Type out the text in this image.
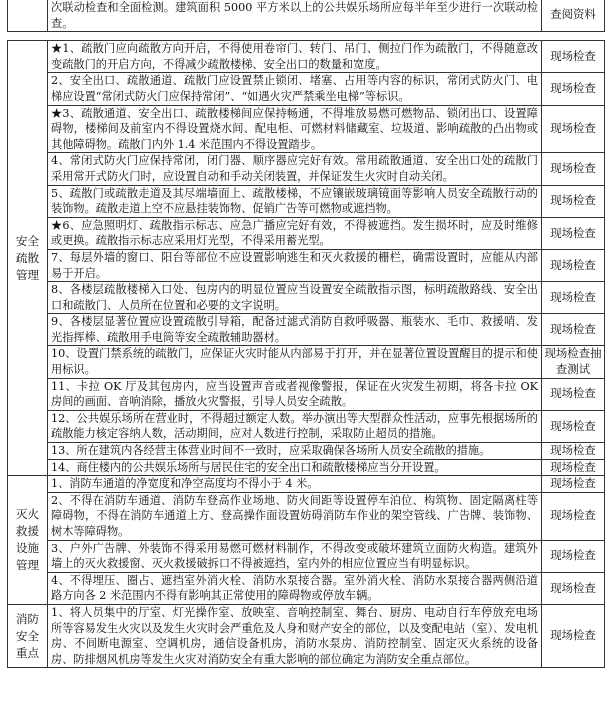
	次联动检查和全面检测。建筑面积 5000 平方米以上的公共娱乐场所应每半年至少进行一次联动检查。	查阅资料
安全疏散管理	★1、疏散门应向疏散方向开启，不得使用卷帘门、转门、吊门、侧拉门作为疏散门，不得随意改变疏散门的开启方向，不得减少疏散楼梯、安全出口的数量和宽度。	现场检查
	2、安全出口、疏散通道、疏散门应设置禁止锁闭、堵塞、占用等内容的标识，常闭式防火门、电梯应设置“常闭式防火门应保持常闭”、“如遇火灾严禁乘坐电梯”等标识。	现场检查
	★3、疏散通道、安全出口、疏散楼梯间应保持畅通，不得堆放易燃可燃物品、锁闭出口、设置障碍物，楼梯间及前室内不得设置烧水间、配电柜、可燃材料储藏室、垃圾道、影响疏散的凸出物或其他障碍物。疏散门内外 1.4 米范围内不得设置踏步。	现场检查
	4、常闭式防火门应保持常闭，闭门器、顺序器应完好有效。常用疏散通道、安全出口处的疏散门采用常开式防火门时，应设置自动和手动关闭装置，并保证发生火灾时自动关闭。	现场检查
	5、疏散门或疏散走道及其尽端墙面上、疏散楼梯，不应镶嵌玻璃镜面等影响人员安全疏散行动的装饰物。疏散走道上空不应悬挂装饰物、促销广告等可燃物或遮挡物。	现场检查
	★6、应急照明灯、疏散指示标志、应急广播应完好有效，不得被遮挡。发生损坏时，应及时维修或更换。疏散指示标志应采用灯光型，不得采用蓄光型。	现场检查
	7、每层外墙的窗口、阳台等部位不应设置影响逃生和灭火救援的栅栏，确需设置时，应能从内部易于开启。	现场检查
	8、各楼层疏散楼梯入口处、包房内的明显位置应当设置安全疏散指示图，标明疏散路线、安全出口和疏散门、人员所在位置和必要的文字说明。	现场检查
	9、各楼层显著位置应设置疏散引导箱，配备过滤式消防自救呼吸器、瓶装水、毛巾、救援哨、发光指挥棒、疏散用手电筒等安全疏散辅助器材。	现场检查
	10、设置门禁系统的疏散门，应保证火灾时能从内部易于打开，并在显著位置设置醒目的提示和使用标识。	现场检查抽查测试
	11、卡拉 OK 厅及其包房内，应当设置声音或者视像警报，保证在火灾发生初期，将各卡拉 OK 房间的画面、音响消除，播放火灾警报，引导人员安全疏散。	现场检查
	12、公共娱乐场所在营业时，不得超过额定人数。举办演出等大型群众性活动，应事先根据场所的疏散能力核定容纳人数，活动期间，应对人数进行控制，采取防止超员的措施。	现场检查
	13、所在建筑内各经营主体营业时间不一致时，应采取确保各场所人员安全疏散的措施。	现场检查
	14、商住楼内的公共娱乐场所与居民住宅的安全出口和疏散楼梯应当分开设置。	现场检查
灭火救援设施管理	1、消防车通道的净宽度和净空高度均不得小于 4 米。	现场检查
	2、不得在消防车通道、消防车登高作业场地、防火间距等设置停车泊位、构筑物、固定隔离柱等障碍物，不得在消防车通道上方、登高操作面设置妨碍消防车作业的架空管线、广告牌、装饰物、树木等障碍物。	现场检查
	3、户外广告牌、外装饰不得采用易燃可燃材料制作，不得改变或破坏建筑立面防火构造。建筑外墙上的灭火救援窗、灭火救援破拆口不得被遮挡，室内外的相应位置应当有明显标识。	现场检查
	4、不得埋压、圈占、遮挡室外消火栓、消防水泵接合器。室外消火栓、消防水泵接合器两侧沿道路方向各 2 米范围内不得有影响其正常使用的障碍物或停放车辆。	现场检查
消防安全重点	1、将人员集中的厅室、灯光操作室、放映室、音响控制室、舞台、厨房、电动自行车停放充电场所等容易发生火灾以及发生火灾时会严重危及人身和财产安全的部位，以及变配电站（室）、发电机房、不间断电源室、空调机房，通信设备机房，消防水泵房、消防控制室、固定灭火系统的设备房、防排烟风机房等发生火灾对消防安全有重大影响的部位确定为消防安全重点部位。	现场检查
